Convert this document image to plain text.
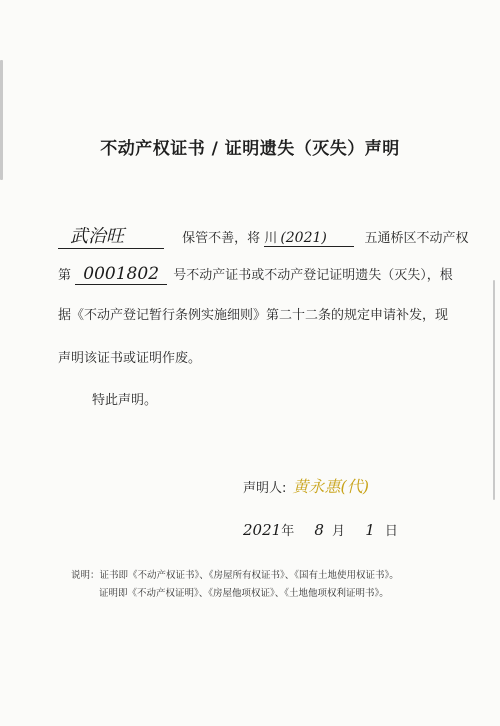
不动产权证书 / 证明遗失（灭失）声明
武治旺	保管不善，将 川 (2021)	五通桥区不动产权
第 0001802 号不动产证书或不动产登记证明遗失（灭失），根
据《不动产登记暂行条例实施细则》第二十二条的规定申请补发，现
声明该证书或证明作废。
特此声明。
声明人: 黄永惠(代)
2021年 8 月 1 日
说明：证书即《不动产权证书》、《房屋所有权证书》、《国有土地使用权证书》。
证明即《不动产权证明》、《房屋他项权证》、《土地他项权利证明书》。
